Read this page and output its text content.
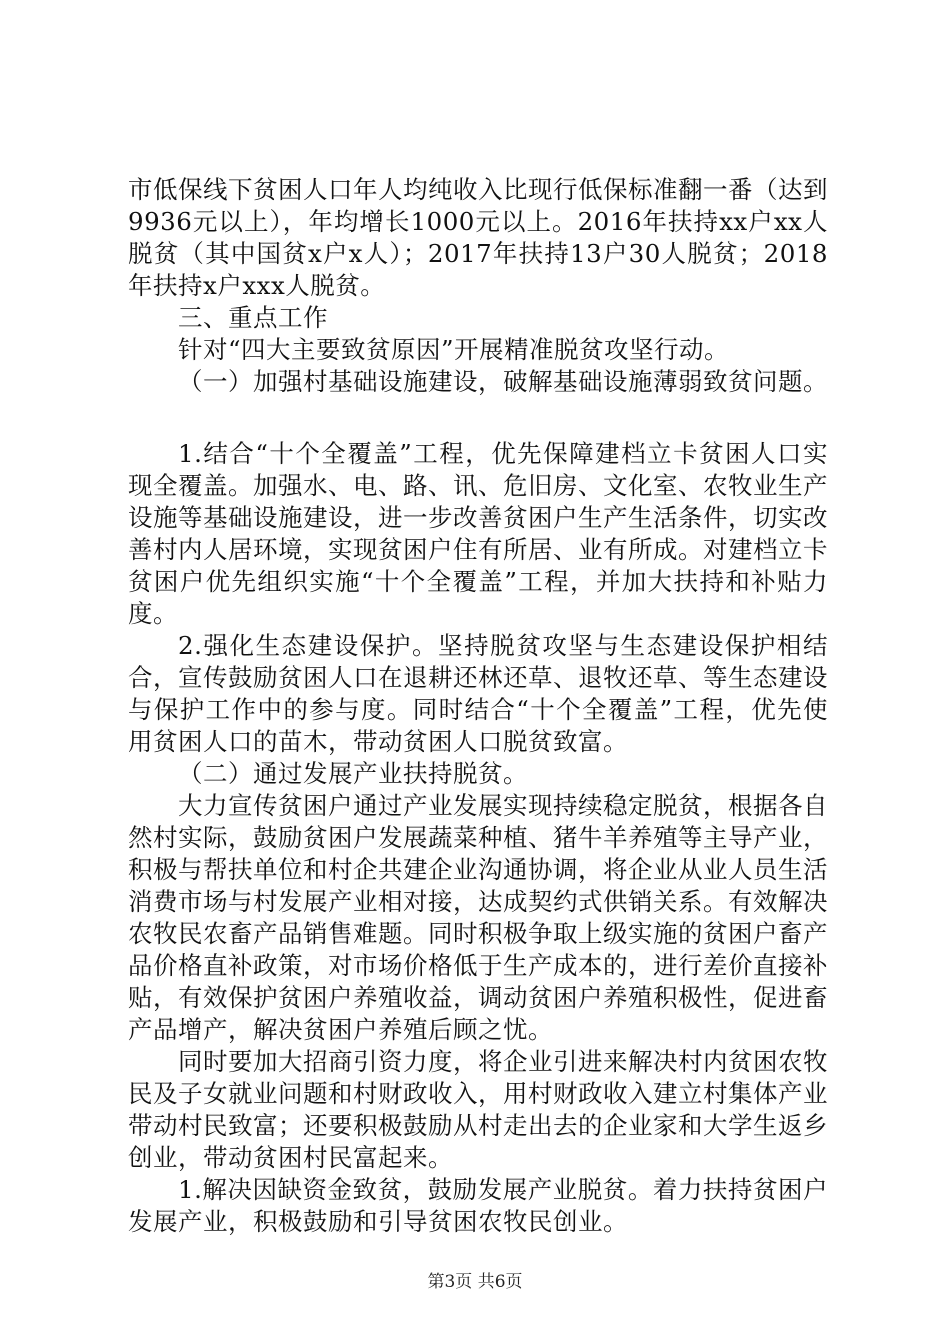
市低保线下贫困人口年人均纯收入比现行低保标准翻一番（达到9936元以上），年均增长1000元以上。2016年扶持xx户xx人脱贫（其中国贫x户x人）；2017年扶持13户30人脱贫；2018年扶持x户xxx人脱贫。

三、重点工作

针对“四大主要致贫原因”开展精准脱贫攻坚行动。

（一）加强村基础设施建设，破解基础设施薄弱致贫问题。

1.结合“十个全覆盖”工程，优先保障建档立卡贫困人口实现全覆盖。加强水、电、路、讯、危旧房、文化室、农牧业生产设施等基础设施建设，进一步改善贫困户生产生活条件，切实改善村内人居环境，实现贫困户住有所居、业有所成。对建档立卡贫困户优先组织实施“十个全覆盖”工程，并加大扶持和补贴力度。

2.强化生态建设保护。坚持脱贫攻坚与生态建设保护相结合，宣传鼓励贫困人口在退耕还林还草、退牧还草、等生态建设与保护工作中的参与度。同时结合“十个全覆盖”工程，优先使用贫困人口的苗木，带动贫困人口脱贫致富。

（二）通过发展产业扶持脱贫。

大力宣传贫困户通过产业发展实现持续稳定脱贫，根据各自然村实际，鼓励贫困户发展蔬菜种植、猪牛羊养殖等主导产业，积极与帮扶单位和村企共建企业沟通协调，将企业从业人员生活消费市场与村发展产业相对接，达成契约式供销关系。有效解决农牧民农畜产品销售难题。同时积极争取上级实施的贫困户畜产品价格直补政策，对市场价格低于生产成本的，进行差价直接补贴，有效保护贫困户养殖收益，调动贫困户养殖积极性，促进畜产品增产，解决贫困户养殖后顾之忧。

同时要加大招商引资力度，将企业引进来解决村内贫困农牧民及子女就业问题和村财政收入，用村财政收入建立村集体产业带动村民致富；还要积极鼓励从村走出去的企业家和大学生返乡创业，带动贫困村民富起来。

1.解决因缺资金致贫，鼓励发展产业脱贫。着力扶持贫困户发展产业，积极鼓励和引导贫困农牧民创业。

第3页 共6页
